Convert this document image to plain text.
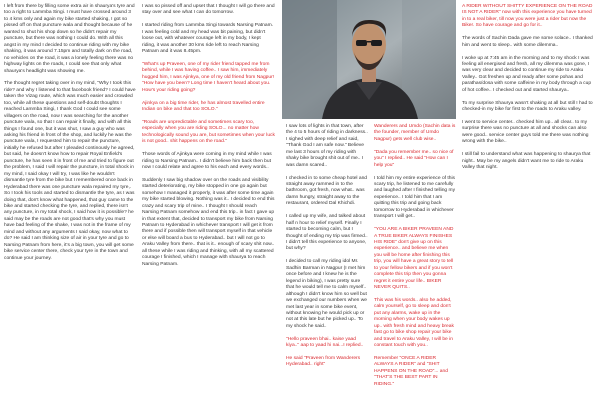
I left from there by filling some extra air in shaurya's tyre and too a right to Lammba Singi. I must have crossed around 3 to 4 kms only and again my bike started shaking, I got so pissed off on that puncture wala and thought because of he wanted to shut his shop down so he didn't repair my puncture, but there was nothing I could do. With all this angst in my mind I decided to continue riding with my bike shaking, it was around 7.15pm and totally dark on the road, no vehicles on the road, it was a lonely feeling there was no highway lights on the roads, I could see that only what shaurya's headlight was showing me.

The thought regret taking over in my mind, "Why I took this ride? and why I listened to that facebook friend? I could have taken the Vizag route, which was much easier and crowded too, while all these questions and self-doubt thoughts I reached Lammba Singi, I thank God I could see some villagers on the road, now I was searching for the another puncture wala, so that I can repair it finally, and with all this things I found one, but it was shut, I saw a guy who was asking his friend in front of the shop, and luckily he was the puncture wala, I requested him to repair the puncture, initially he refused but after I pleaded continously he agreed, but said, he doesn't know how to repair Royal Enfield's puncture, he has seen it in front of me and tried to figure out the problem, I said I will repair the puncture, in total shock in my mind, I said okay I will try, I was like he wouldn't dismantle tyre from the bike but I remembered once back in Hyderabad there was one puncture wala repaired my tyre,. So I took his tools and started to dismantle the tyre, as I was doing that, don't know what happened, that guy came to the bike and started checking the tyre, and replied, there isn't any puncture, in my total shock, I said how it is possible? he said may be the roads are not good that's why you must have bad feeling of the shake, I was not in the frame of my mind and without any arguments I said okay, now what to do? He said I am thinking size of air in your tyre and go to Narsing Patnam from here, it's a big town, you will get some bike service center there, check your tyre in the town and continue your journey.

I was so pissed off and upset that I thought I will go there and stay over and see what I can do tomorrow.

I started riding from Lammba Singi towards Narsing Patnam. I was feeling cold and my head was bit paining, but didn't loose out, with whatever courage left in my body, I kept riding, it was another 30 kms ride left to reach Narsing Patnam and it was 8.45pm.

"What's up Praveen, one of my rider friend tapped me from behind, while I was having coffee.. I saw him, immediately hugged him, I was Ajinkya, one of my old friend from Nagpur! "How have you been? Long time I haven't heard about you. How's your riding going?

Ajinkya on a big time rider, he has almost travelled entire Indian on bike and that too SOLO."

"Roads are unpredictable and sometimes scary too, especially when you are riding SOLO... no matter how technologically sound you are, but sometimes when your luck is not good.. shit happens on the road."

Those words of Ajinkya were coming in my mind while I was riding to Narsing Patnam.. I didn't believe him back then but now I could relate and agree to his each and every words..

Suddenly I saw big shadow over on the roads and visibility started deteriorating, my bike stopped in one go again but somehow I managed it properly, it was after some time again my bike started blowing. Nothing was it.. I decided to end this crazy and scary trip of mine.. I thought I should reach Narsing Patnam somehow and end this trip.. in fact I gave up in that extent that, decided to transport my bike from Narsing Patnam to Hyderabad in whichever transport I will get it from there and if possible then will transport myself in that vehicle or else will board a bus to Hyderabad.. but I will not go to Araku Valley from there.. that is it.. enough of scary shit now.. all these while I was riding and thinking, with all my scattered courage I finished, which I manage with shaurya to reach Narsing Patnam.

I saw lots of lights in that town, after the 4 to 5 hours of riding in darkness.. I sighed with deep relief and said, "Thank God I am safe now." Believe me last 3 hours of my riding with shaky bike brought shit out of me.. I was damn scared..

I checked in to some cheap hotel and straight away rammed in to the bathroom, got fresh, now what.. was damn hungry, straight away to the restaurant, ordered Dal Khichdi.

I called up my wife, and talked about half n hour to relief myself. Finally I started to becoming calm, but I thought of ending my trip was firmed.. I didn't tell this experience to anyone, but why?

I decided to call my riding idol Mr. Sadhin Barman in Nagpur (I met him once before and I knew he is the legend in biking), I was pretty sure that he would tell me to calm myself.. although I didn't know him so well but we exchanged our numbers when we met last year in some bike event, without knowing he would pick up or not at this late but he picked up.. To my shock he said..

"Hello praveen bhai.. kaise yaad kiya.." aap to yaad hi nai...I replied..

He said "Praveen from Wanderers Hyderabad.. right"

Wanderers and Umdo (Sachin data is the founder, member of Umdo Nagpur) gets well club wise..

"Dada you remember me.. so nice of you" I replied.. He said "How can I help you"

I told him my entire experience of this scary trip, he listened to me carefully and laughed after I finished telling my experience.. I told him that I am quitting this trip and going back tomorrow to Hyderabad in whichever transport I will get..

"YOU ARE A BIKER PRAVEEN AND A TRUE BIKER ALWAYS FINISHES HIS RIDE" don't give up on this experience.. and believe me when you will be home after finishing this trip, you will have a great story to tell to your fellow bikers and if you won't complete this trip then you gonna regret it entire your life.. BIKER NEVER QUITS..

This was his words.. also he added, calm yourself, go to sleep and don't put any alarms, wake up in the morning when your body wakes up up.. with fresh mind and heavy break fast go to bike shop repair your bike and travel to Araku Valley, I will be in constant touch with you..

Remember "ONCE A RIDER ALWAYS A RIDER" and "SHIT HAPPENS ON THE ROAD"... and "THAT'S THE BEST PART IN RIDING."

A RIDER WITHOUT SHITTY EXPERIENCE ON THE ROAD IS NOT A RIDER" now with this experience you have turned in to a real biker, till now you were just a rider but now the Biker. So have courage and go for it..

The words of Sachin Dada gave me some solace.. I thanked him and went to sleep.. with some dilemma..

I woke up at 7:45 am in the morning and to my shock I was feeling all energised and fresh, all my dilemma was gone, I was very clear and decided to continue my ride to Araku Valley.. Got freshen up and ready after some pohas and parathas/dosa with some caffeine in my body through a cup of hot coffee.. I checked out and started shaurya..

To my surprise Shaurya wasn't shaking at all but still I had to checked-in my bike for first to the roads to Araku valley.

I went to service center.. checked him up.. all clear.. to my surprise there was no puncture at all and shocks can also were good.. service center guys told me there was nothing wrong with the bike..

I still fail to understand what was happening to shaurya that night.. May be my angels didn't want me to ride to Araku Valley that night.
